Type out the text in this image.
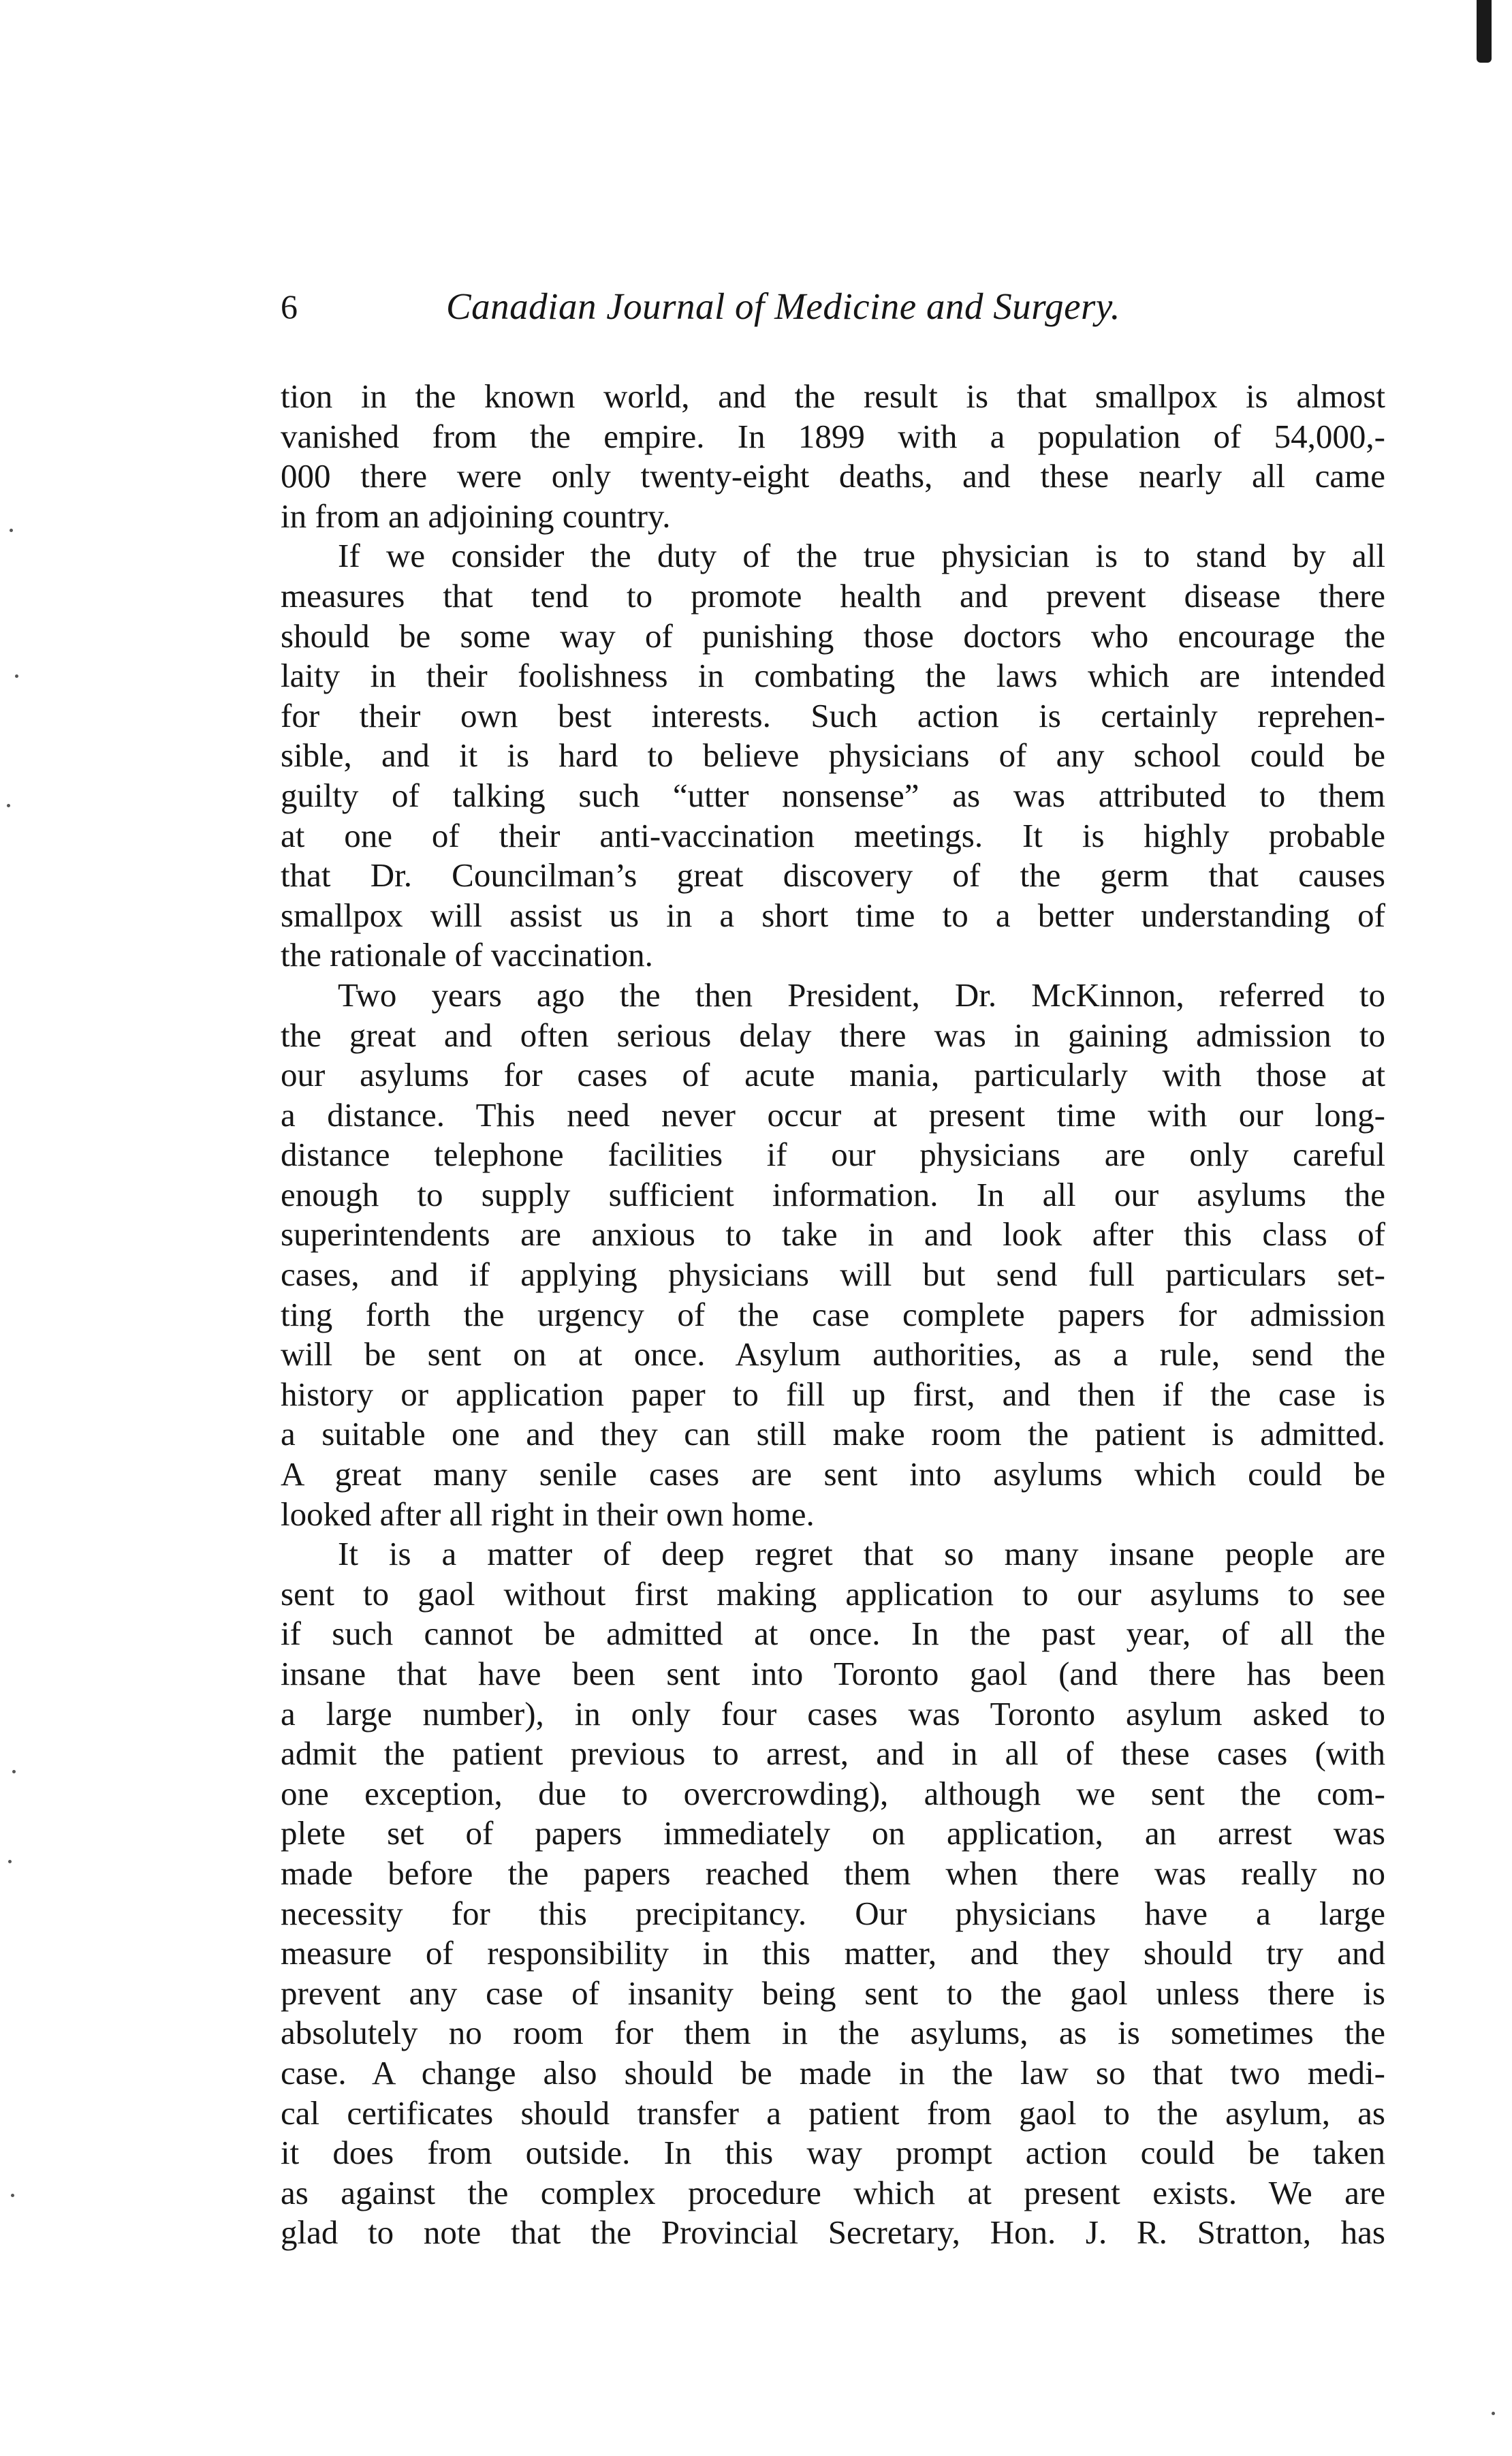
6	Canadian Journal of Medicine and Surgery.
tion in the known world, and the result is that smallpox is almost
vanished from the empire. In 1899 with a population of 54,000,-
000 there were only twenty-eight deaths, and these nearly all came
in from an adjoining country.
If we consider the duty of the true physician is to stand by all
measures that tend to promote health and prevent disease there
should be some way of punishing those doctors who encourage the
laity in their foolishness in combating the laws which are intended
for their own best interests. Such action is certainly reprehen-
sible, and it is hard to believe physicians of any school could be
guilty of talking such “utter nonsense” as was attributed to them
at one of their anti-vaccination meetings. It is highly probable
that Dr. Councilman’s great discovery of the germ that causes
smallpox will assist us in a short time to a better understanding of
the rationale of vaccination.
Two years ago the then President, Dr. McKinnon, referred to
the great and often serious delay there was in gaining admission to
our asylums for cases of acute mania, particularly with those at
a distance. This need never occur at present time with our long-
distance telephone facilities if our physicians are only careful
enough to supply sufficient information. In all our asylums the
superintendents are anxious to take in and look after this class of
cases, and if applying physicians will but send full particulars set-
ting forth the urgency of the case complete papers for admission
will be sent on at once. Asylum authorities, as a rule, send the
history or application paper to fill up first, and then if the case is
a suitable one and they can still make room the patient is admitted.
A great many senile cases are sent into asylums which could be
looked after all right in their own home.
It is a matter of deep regret that so many insane people are
sent to gaol without first making application to our asylums to see
if such cannot be admitted at once. In the past year, of all the
insane that have been sent into Toronto gaol (and there has been
a large number), in only four cases was Toronto asylum asked to
admit the patient previous to arrest, and in all of these cases (with
one exception, due to overcrowding), although we sent the com-
plete set of papers immediately on application, an arrest was
made before the papers reached them when there was really no
necessity for this precipitancy. Our physicians have a large
measure of responsibility in this matter, and they should try and
prevent any case of insanity being sent to the gaol unless there is
absolutely no room for them in the asylums, as is sometimes the
case. A change also should be made in the law so that two medi-
cal certificates should transfer a patient from gaol to the asylum, as
it does from outside. In this way prompt action could be taken
as against the complex procedure which at present exists. We are
glad to note that the Provincial Secretary, Hon. J. R. Stratton, has
